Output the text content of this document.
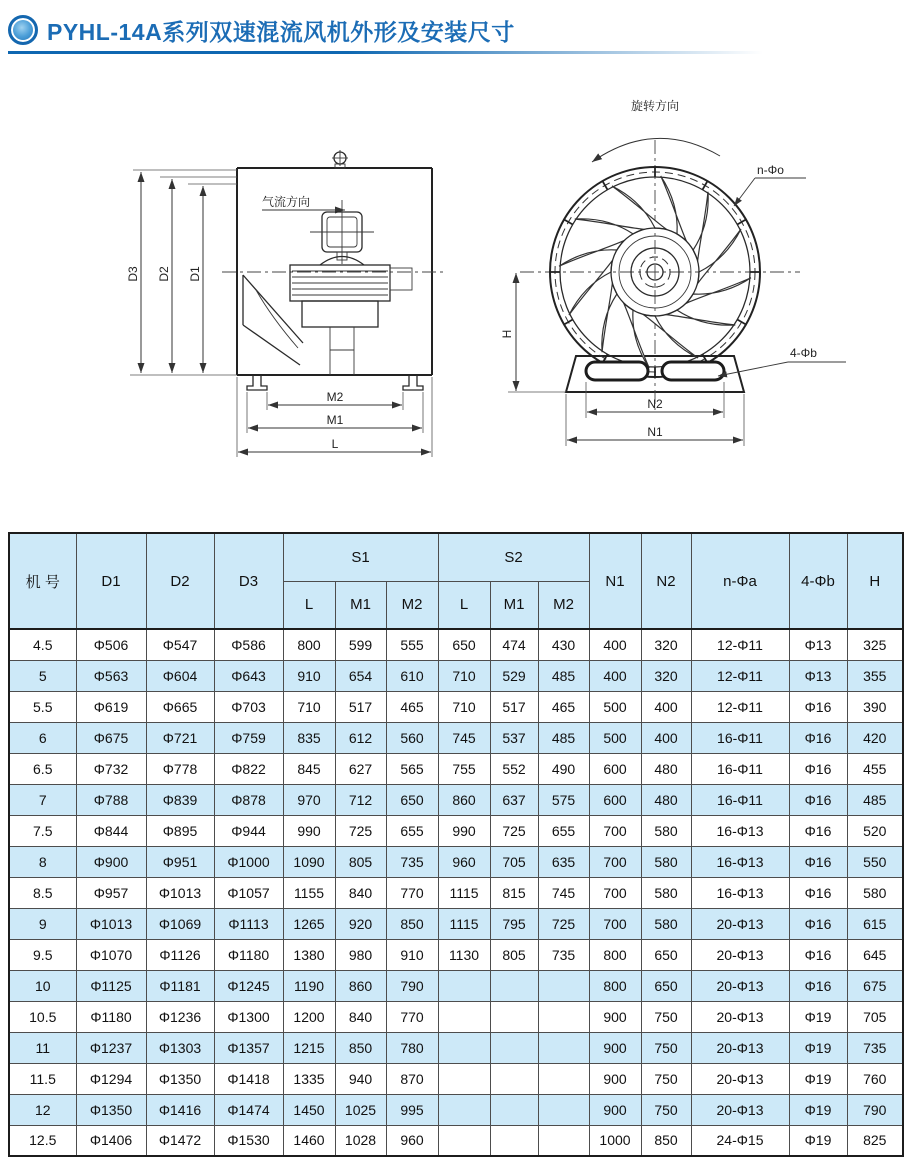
PYHL-14A系列双速混流风机外形及安装尺寸
气流方向
D3 D2 D1
M2
M1
L
旋转方向
n-Φo
4-Φb
H
N2
N1
机 号	D1	D2	D3	S1			S2			N1	N2	n-Φa	4-Φb	H
				L	M1	M2	L	M1	M2					
4.5	Φ506	Φ547	Φ586	800	599	555	650	474	430	400	320	12-Φ11	Φ13	325
5	Φ563	Φ604	Φ643	910	654	610	710	529	485	400	320	12-Φ11	Φ13	355
5.5	Φ619	Φ665	Φ703	710	517	465	710	517	465	500	400	12-Φ11	Φ16	390
6	Φ675	Φ721	Φ759	835	612	560	745	537	485	500	400	16-Φ11	Φ16	420
6.5	Φ732	Φ778	Φ822	845	627	565	755	552	490	600	480	16-Φ11	Φ16	455
7	Φ788	Φ839	Φ878	970	712	650	860	637	575	600	480	16-Φ11	Φ16	485
7.5	Φ844	Φ895	Φ944	990	725	655	990	725	655	700	580	16-Φ13	Φ16	520
8	Φ900	Φ951	Φ1000	1090	805	735	960	705	635	700	580	16-Φ13	Φ16	550
8.5	Φ957	Φ1013	Φ1057	1155	840	770	1115	815	745	700	580	16-Φ13	Φ16	580
9	Φ1013	Φ1069	Φ1113	1265	920	850	1115	795	725	700	580	20-Φ13	Φ16	615
9.5	Φ1070	Φ1126	Φ1180	1380	980	910	1130	805	735	800	650	20-Φ13	Φ16	645
10	Φ1125	Φ1181	Φ1245	1190	860	790				800	650	20-Φ13	Φ16	675
10.5	Φ1180	Φ1236	Φ1300	1200	840	770				900	750	20-Φ13	Φ19	705
11	Φ1237	Φ1303	Φ1357	1215	850	780				900	750	20-Φ13	Φ19	735
11.5	Φ1294	Φ1350	Φ1418	1335	940	870				900	750	20-Φ13	Φ19	760
12	Φ1350	Φ1416	Φ1474	1450	1025	995				900	750	20-Φ13	Φ19	790
12.5	Φ1406	Φ1472	Φ1530	1460	1028	960				1000	850	24-Φ15	Φ19	825
